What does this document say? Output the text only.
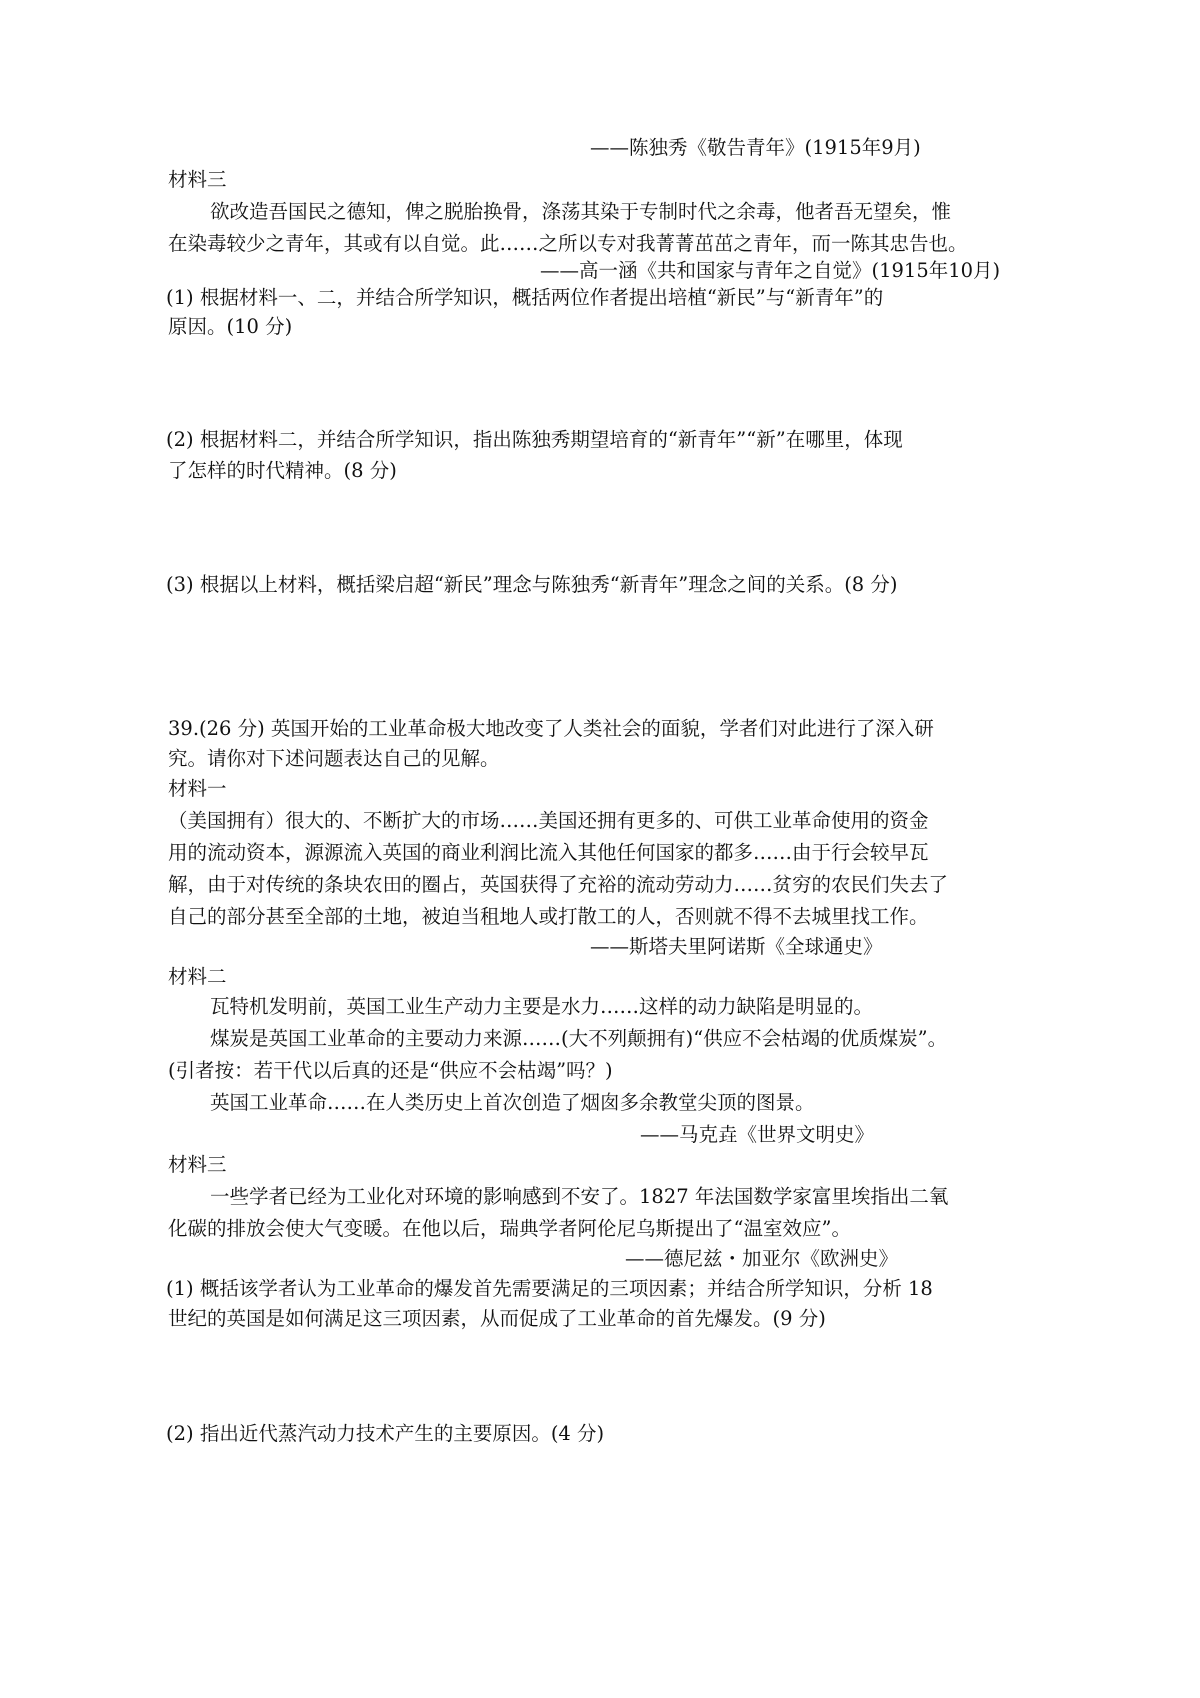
——陈独秀《敬告青年》(1915年9月)
材料三
欲改造吾国民之德知，俾之脱胎换骨，涤荡其染于专制时代之余毒，他者吾无望矣，惟
在染毒较少之青年，其或有以自觉。此……之所以专对我菁菁茁茁之青年，而一陈其忠告也。
——高一涵《共和国家与青年之自觉》(1915年10月)
(1) 根据材料一、二，并结合所学知识，概括两位作者提出培植“新民”与“新青年”的
原因。(10 分)
(2) 根据材料二，并结合所学知识，指出陈独秀期望培育的“新青年”“新”在哪里，体现
了怎样的时代精神。(8 分)
(3) 根据以上材料，概括梁启超“新民”理念与陈独秀“新青年”理念之间的关系。(8 分)
39.(26 分) 英国开始的工业革命极大地改变了人类社会的面貌，学者们对此进行了深入研
究。请你对下述问题表达自己的见解。
材料一
（美国拥有）很大的、不断扩大的市场……美国还拥有更多的、可供工业革命使用的资金
用的流动资本，源源流入英国的商业利润比流入其他任何国家的都多……由于行会较早瓦
解，由于对传统的条块农田的圈占，英国获得了充裕的流动劳动力……贫穷的农民们失去了
自己的部分甚至全部的土地，被迫当租地人或打散工的人，否则就不得不去城里找工作。
——斯塔夫里阿诺斯《全球通史》
材料二
瓦特机发明前，英国工业生产动力主要是水力……这样的动力缺陷是明显的。
煤炭是英国工业革命的主要动力来源……(大不列颠拥有)“供应不会枯竭的优质煤炭”。
(引者按：若干代以后真的还是“供应不会枯竭”吗？)
英国工业革命……在人类历史上首次创造了烟囱多余教堂尖顶的图景。
——马克垚《世界文明史》
材料三
一些学者已经为工业化对环境的影响感到不安了。1827 年法国数学家富里埃指出二氧
化碳的排放会使大气变暖。在他以后，瑞典学者阿伦尼乌斯提出了“温室效应”。
——德尼兹・加亚尔《欧洲史》
(1) 概括该学者认为工业革命的爆发首先需要满足的三项因素；并结合所学知识，分析 18
世纪的英国是如何满足这三项因素，从而促成了工业革命的首先爆发。(9 分)
(2) 指出近代蒸汽动力技术产生的主要原因。(4 分)
